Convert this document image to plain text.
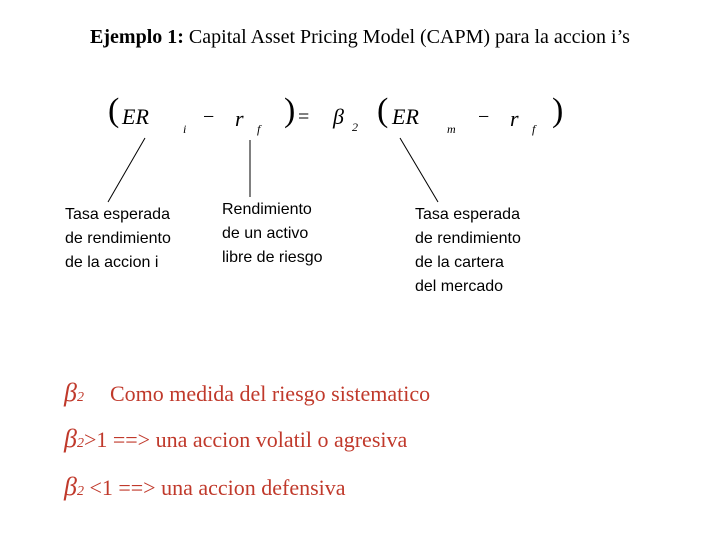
Ejemplo 1: Capital Asset Pricing Model (CAPM) para la accion i’s
( ER	i
− r f ) = β 2 ( ER m
− r f )
Tasa esperada
de rendimiento
de la accion i
Rendimiento
de un activo
libre de riesgo
Tasa esperada
de rendimiento
de la cartera
del mercado
β2 Como medida del riesgo sistematico
β2>1 ==> una accion volatil o agresiva
β2 <1 ==> una accion defensiva
